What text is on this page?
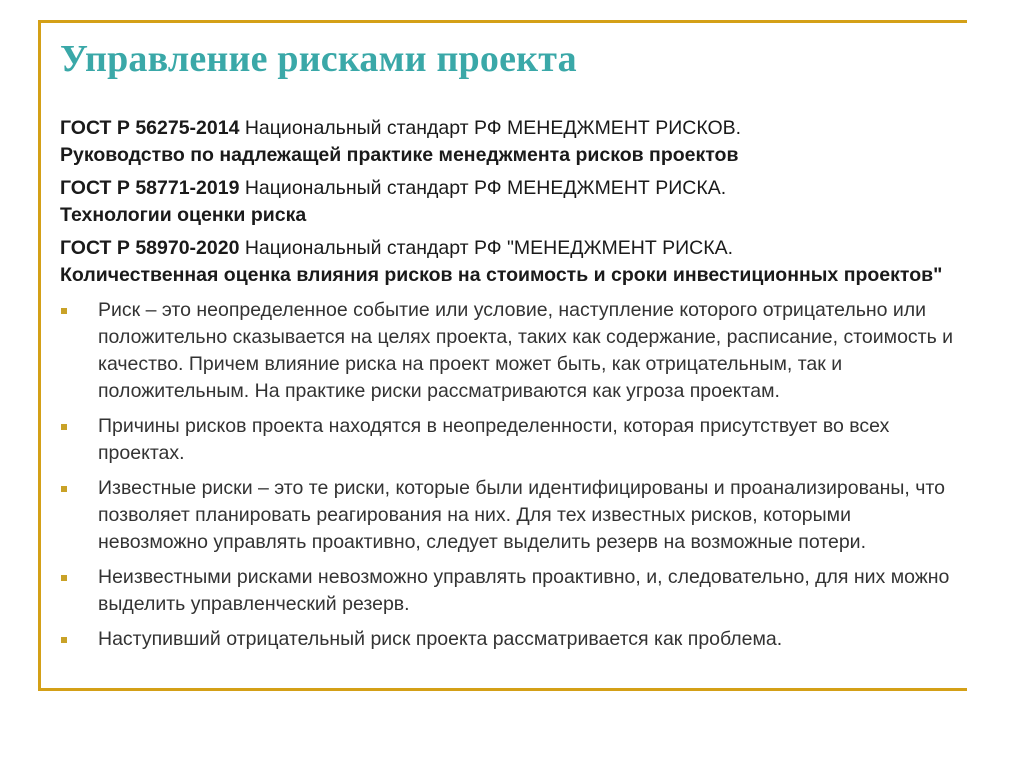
Управление рисками проекта
ГОСТ Р 56275-2014 Национальный стандарт РФ МЕНЕДЖМЕНТ РИСКОВ.
Руководство по надлежащей практике менеджмента рисков проектов
ГОСТ Р 58771-2019 Национальный стандарт РФ МЕНЕДЖМЕНТ РИСКА.
Технологии оценки риска
ГОСТ Р 58970-2020 Национальный стандарт РФ "МЕНЕДЖМЕНТ РИСКА.
Количественная оценка влияния рисков на стоимость и сроки инвестиционных проектов"
Риск – это неопределенное событие или условие, наступление которого отрицательно или положительно сказывается на целях проекта, таких как содержание, расписание, стоимость и качество. Причем влияние риска на проект может быть, как отрицательным, так и положительным. На практике риски рассматриваются как угроза проектам.
Причины рисков проекта находятся в неопределенности, которая присутствует во всех проектах.
Известные риски – это те риски, которые были идентифицированы и проанализированы, что позволяет планировать реагирования на них. Для тех известных рисков, которыми невозможно управлять проактивно, следует выделить резерв на возможные потери.
Неизвестными рисками невозможно управлять проактивно, и, следовательно, для них можно выделить управленческий резерв.
Наступивший отрицательный риск проекта рассматривается как проблема.
